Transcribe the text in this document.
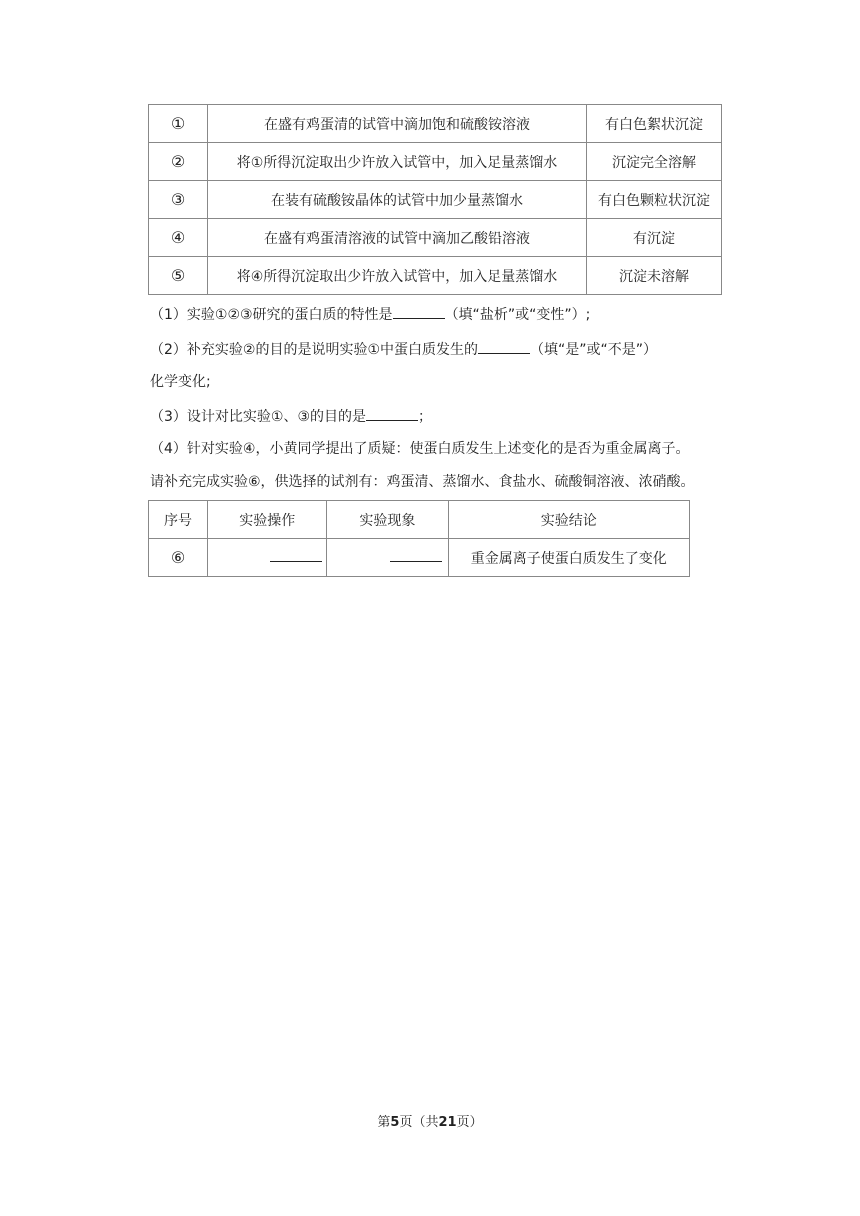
①	在盛有鸡蛋清的试管中滴加饱和硫酸铵溶液	有白色絮状沉淀
②	将①所得沉淀取出少许放入试管中，加入足量蒸馏水	沉淀完全溶解
③	在装有硫酸铵晶体的试管中加少量蒸馏水	有白色颗粒状沉淀
④	在盛有鸡蛋清溶液的试管中滴加乙酸铅溶液	有沉淀
⑤	将④所得沉淀取出少许放入试管中，加入足量蒸馏水	沉淀未溶解
（1）实验①②③研究的蛋白质的特性是	（填“盐析”或“变性”）;
（2）补充实验②的目的是说明实验①中蛋白质发生的	（填“是”或“不是”）
化学变化;
（3）设计对比实验①、③的目的是	；
（4）针对实验④，小黄同学提出了质疑：使蛋白质发生上述变化的是否为重金属离子。
请补充完成实验⑥，供选择的试剂有：鸡蛋清、蒸馏水、食盐水、硫酸铜溶液、浓硝酸。
序号	实验操作	实验现象	实验结论
⑥			重金属离子使蛋白质发生了变化
第5页（共21页）
